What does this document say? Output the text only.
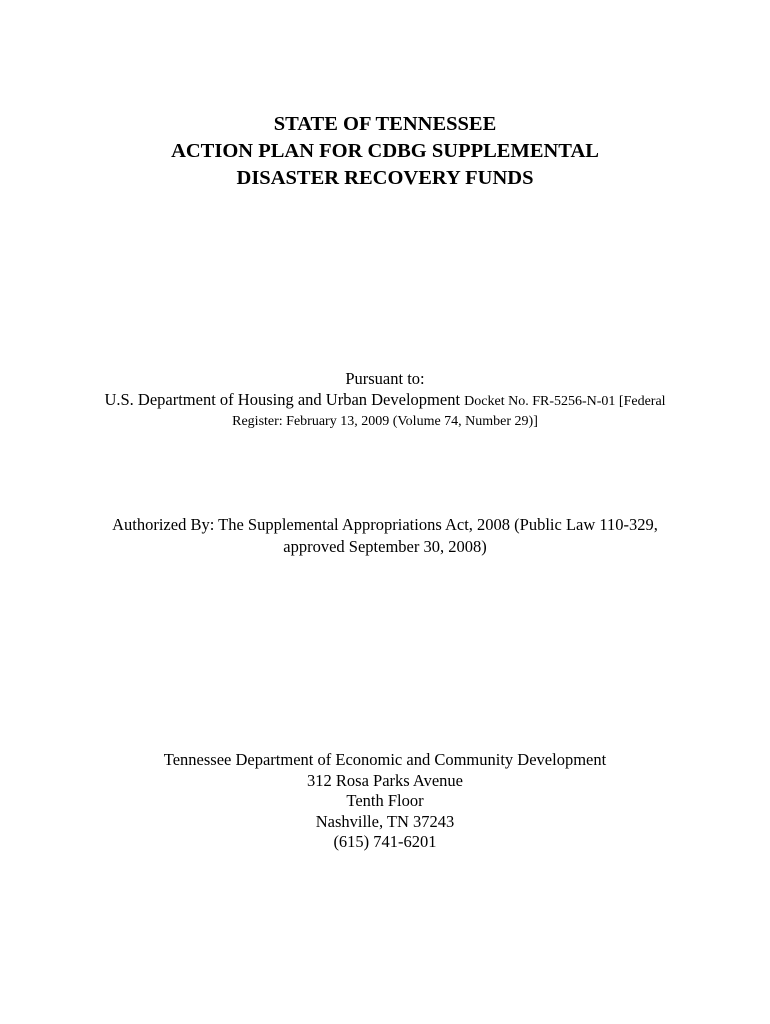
STATE OF TENNESSEE
ACTION PLAN FOR CDBG SUPPLEMENTAL
DISASTER RECOVERY FUNDS
Pursuant to:
U.S. Department of Housing and Urban Development Docket No. FR-5256-N-01 [Federal
Register: February 13, 2009 (Volume 74, Number 29)]
Authorized By: The Supplemental Appropriations Act, 2008 (Public Law 110-329,
approved September 30, 2008)
Tennessee Department of Economic and Community Development
312 Rosa Parks Avenue
Tenth Floor
Nashville, TN 37243
(615) 741-6201
